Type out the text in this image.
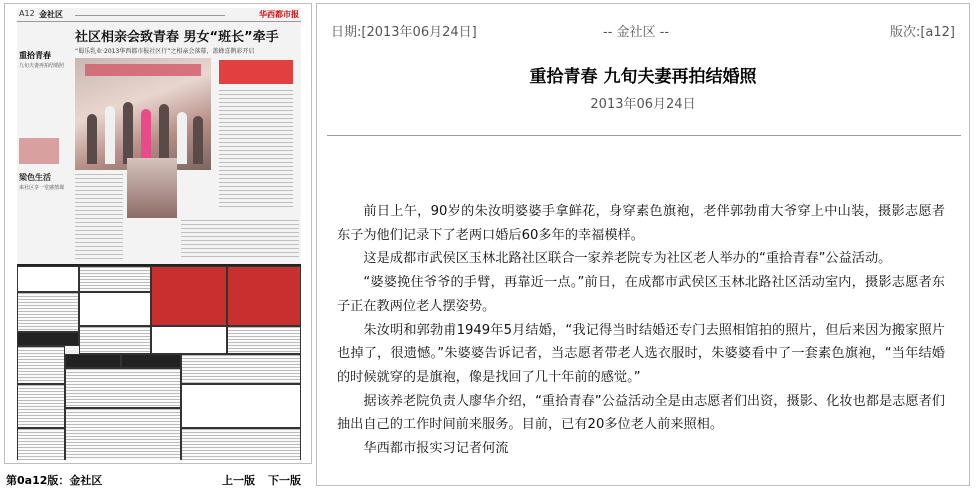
A12 金社区	华西都市报
重拾青春
九旬夫妻再拍结婚照
梁色生活
来社区享一堂感情课
社区相亲会致青春 男女“班长”牵手
“蜀乐乳业·2013华西都市报社区行”之相亲会落幕，盖蜂喜鹊彩开启
日期:[2013年06月24日]	-- 金社区 --	版次:[a12]
重拾青春 九旬夫妻再拍结婚照
2013年06月24日

前日上午，90岁的朱汝明婆婆手拿鲜花，身穿素色旗袍，老伴郭勃甫大爷穿上中山装，摄影志愿者东子为他们记录下了老两口婚后60多年的幸福模样。

这是成都市武侯区玉林北路社区联合一家养老院专为社区老人举办的“重拾青春”公益活动。

“婆婆挽住爷爷的手臂，再靠近一点。”前日，在成都市武侯区玉林北路社区活动室内，摄影志愿者东子正在教两位老人摆姿势。

朱汝明和郭勃甫1949年5月结婚，“我记得当时结婚还专门去照相馆拍的照片，但后来因为搬家照片也掉了，很遗憾。”朱婆婆告诉记者，当志愿者带老人选衣服时，朱婆婆看中了一套素色旗袍，“当年结婚的时候就穿的是旗袍，像是找回了几十年前的感觉。”

据该养老院负责人廖华介绍，“重拾青春”公益活动全是由志愿者们出资，摄影、化妆也都是志愿者们抽出自己的工作时间前来服务。目前，已有20多位老人前来照相。

华西都市报实习记者何流

第0a12版：金社区	上一版 下一版
